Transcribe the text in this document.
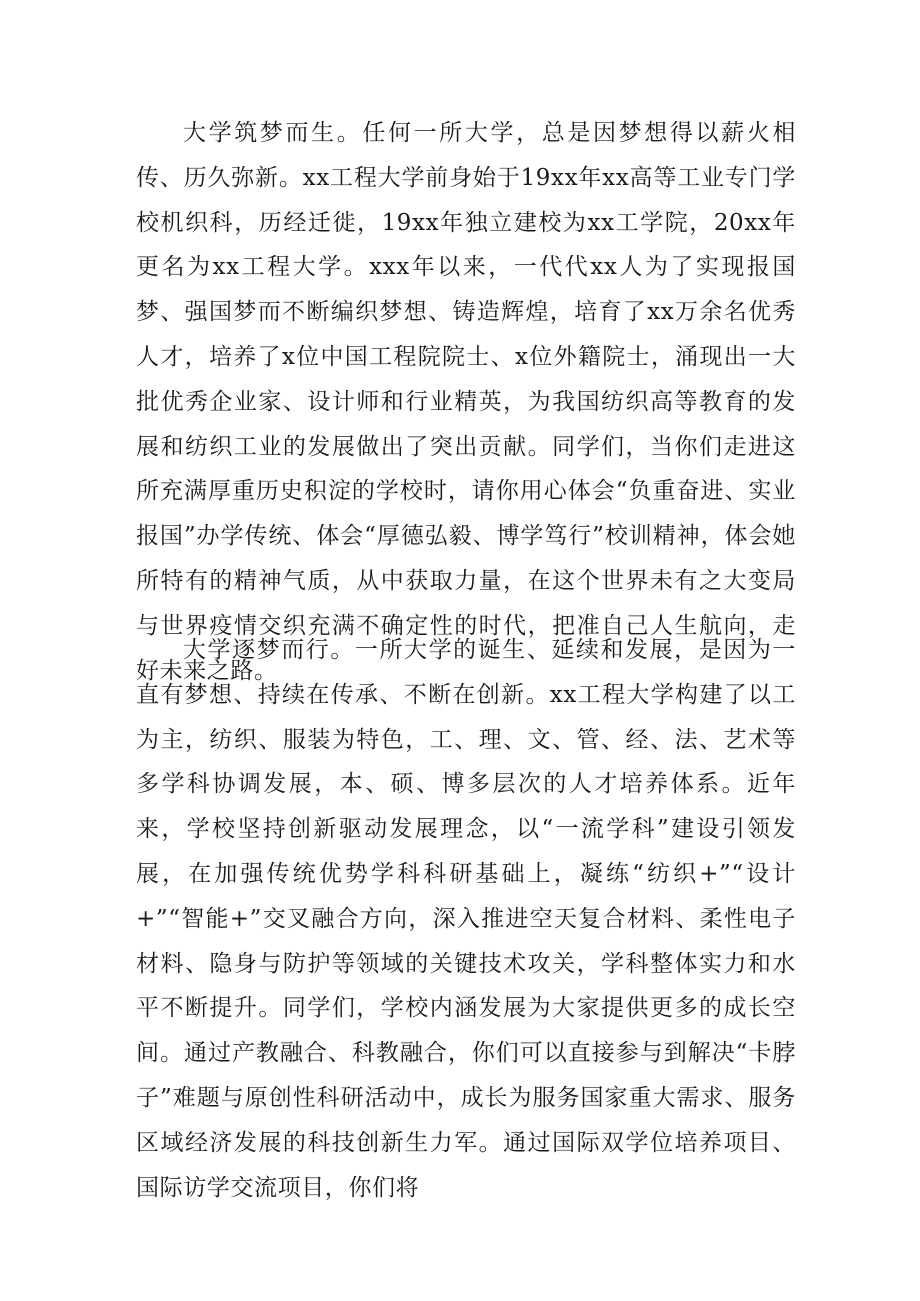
大学筑梦而生。任何一所大学，总是因梦想得以薪火相传、历久弥新。xx工程大学前身始于19xx年xx高等工业专门学校机织科，历经迁徙，19xx年独立建校为xx工学院，20xx年更名为xx工程大学。xxx年以来，一代代xx人为了实现报国梦、强国梦而不断编织梦想、铸造辉煌，培育了xx万余名优秀人才，培养了x位中国工程院院士、x位外籍院士，涌现出一大批优秀企业家、设计师和行业精英，为我国纺织高等教育的发展和纺织工业的发展做出了突出贡献。同学们，当你们走进这所充满厚重历史积淀的学校时，请你用心体会“负重奋进、实业报国”办学传统、体会“厚德弘毅、博学笃行”校训精神，体会她所特有的精神气质，从中获取力量，在这个世界未有之大变局与世界疫情交织充满不确定性的时代，把准自己人生航向，走好未来之路。

大学逐梦而行。一所大学的诞生、延续和发展，是因为一直有梦想、持续在传承、不断在创新。xx工程大学构建了以工为主，纺织、服装为特色，工、理、文、管、经、法、艺术等多学科协调发展，本、硕、博多层次的人才培养体系。近年来，学校坚持创新驱动发展理念，以“一流学科”建设引领发展，在加强传统优势学科科研基础上，凝练“纺织+”“设计+”“智能+”交叉融合方向，深入推进空天复合材料、柔性电子材料、隐身与防护等领域的关键技术攻关，学科整体实力和水平不断提升。同学们，学校内涵发展为大家提供更多的成长空间。通过产教融合、科教融合，你们可以直接参与到解决“卡脖子”难题与原创性科研活动中，成长为服务国家重大需求、服务区域经济发展的科技创新生力军。通过国际双学位培养项目、国际访学交流项目，你们将
